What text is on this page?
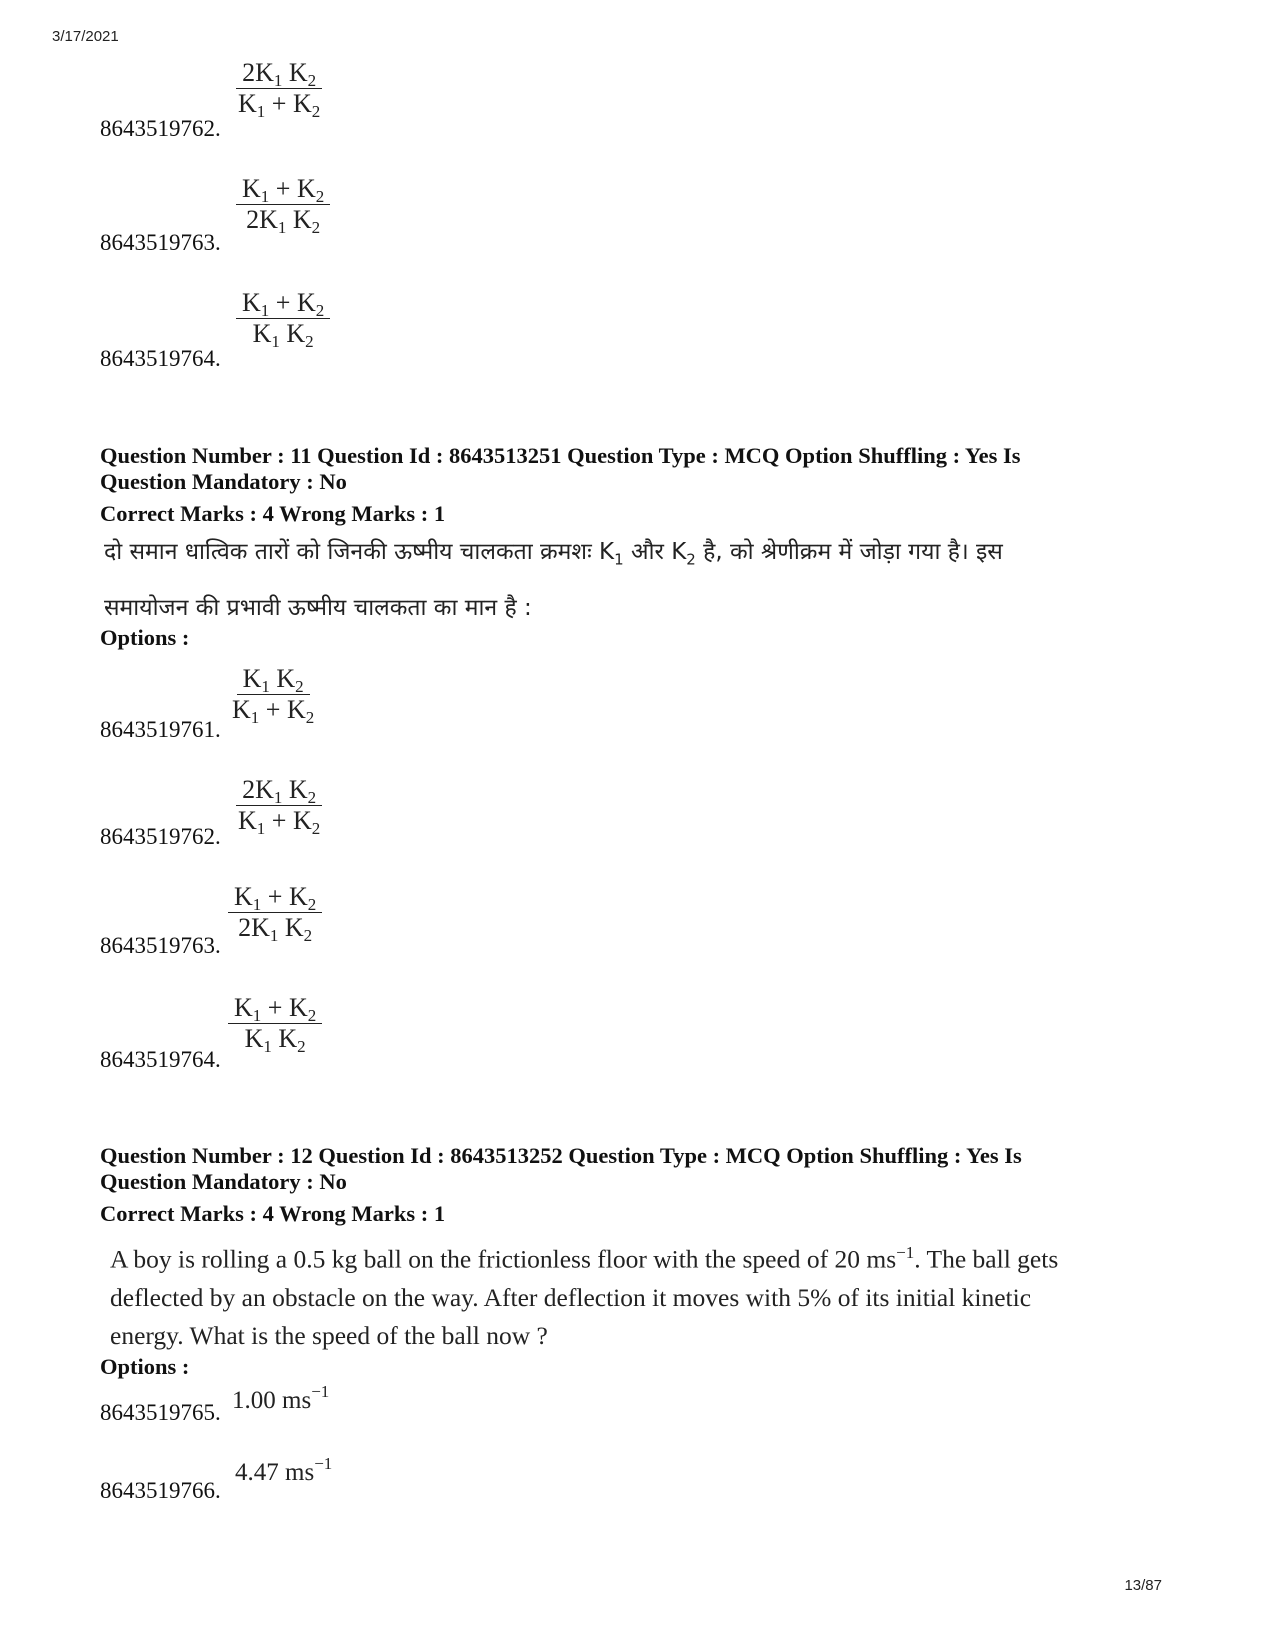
3/17/2021
8643519762.
$\frac{2K_1 K_2}{K_1 + K_2}$
8643519763.
$\frac{K_1 + K_2}{2K_1 K_2}$
8643519764.
$\frac{K_1 + K_2}{K_1 K_2}$
Question Number : 11 Question Id : 8643513251 Question Type : MCQ Option Shuffling : Yes Is
Question Mandatory : No
Correct Marks : 4 Wrong Marks : 1
दो समान धात्विक तारों को जिनकी ऊष्मीय चालकता क्रमशः $K_1$ और $K_2$ है, को श्रेणीक्रम में जोड़ा गया है। इस
समायोजन की प्रभावी ऊष्मीय चालकता का मान है :
Options :
8643519761.
$\frac{K_1 K_2}{K_1 + K_2}$
8643519762.
$\frac{2K_1 K_2}{K_1 + K_2}$
8643519763.
$\frac{K_1 + K_2}{2K_1 K_2}$
8643519764.
$\frac{K_1 + K_2}{K_1 K_2}$
Question Number : 12 Question Id : 8643513252 Question Type : MCQ Option Shuffling : Yes Is
Question Mandatory : No
Correct Marks : 4 Wrong Marks : 1
A boy is rolling a 0.5 kg ball on the frictionless floor with the speed of 20 $ms^{-1}$. The ball gets
deflected by an obstacle on the way. After deflection it moves with 5% of its initial kinetic
energy. What is the speed of the ball now ?
Options :
8643519765. 1.00 $ms^{-1}$
8643519766.
4.47 $ms^{-1}$
13/87
